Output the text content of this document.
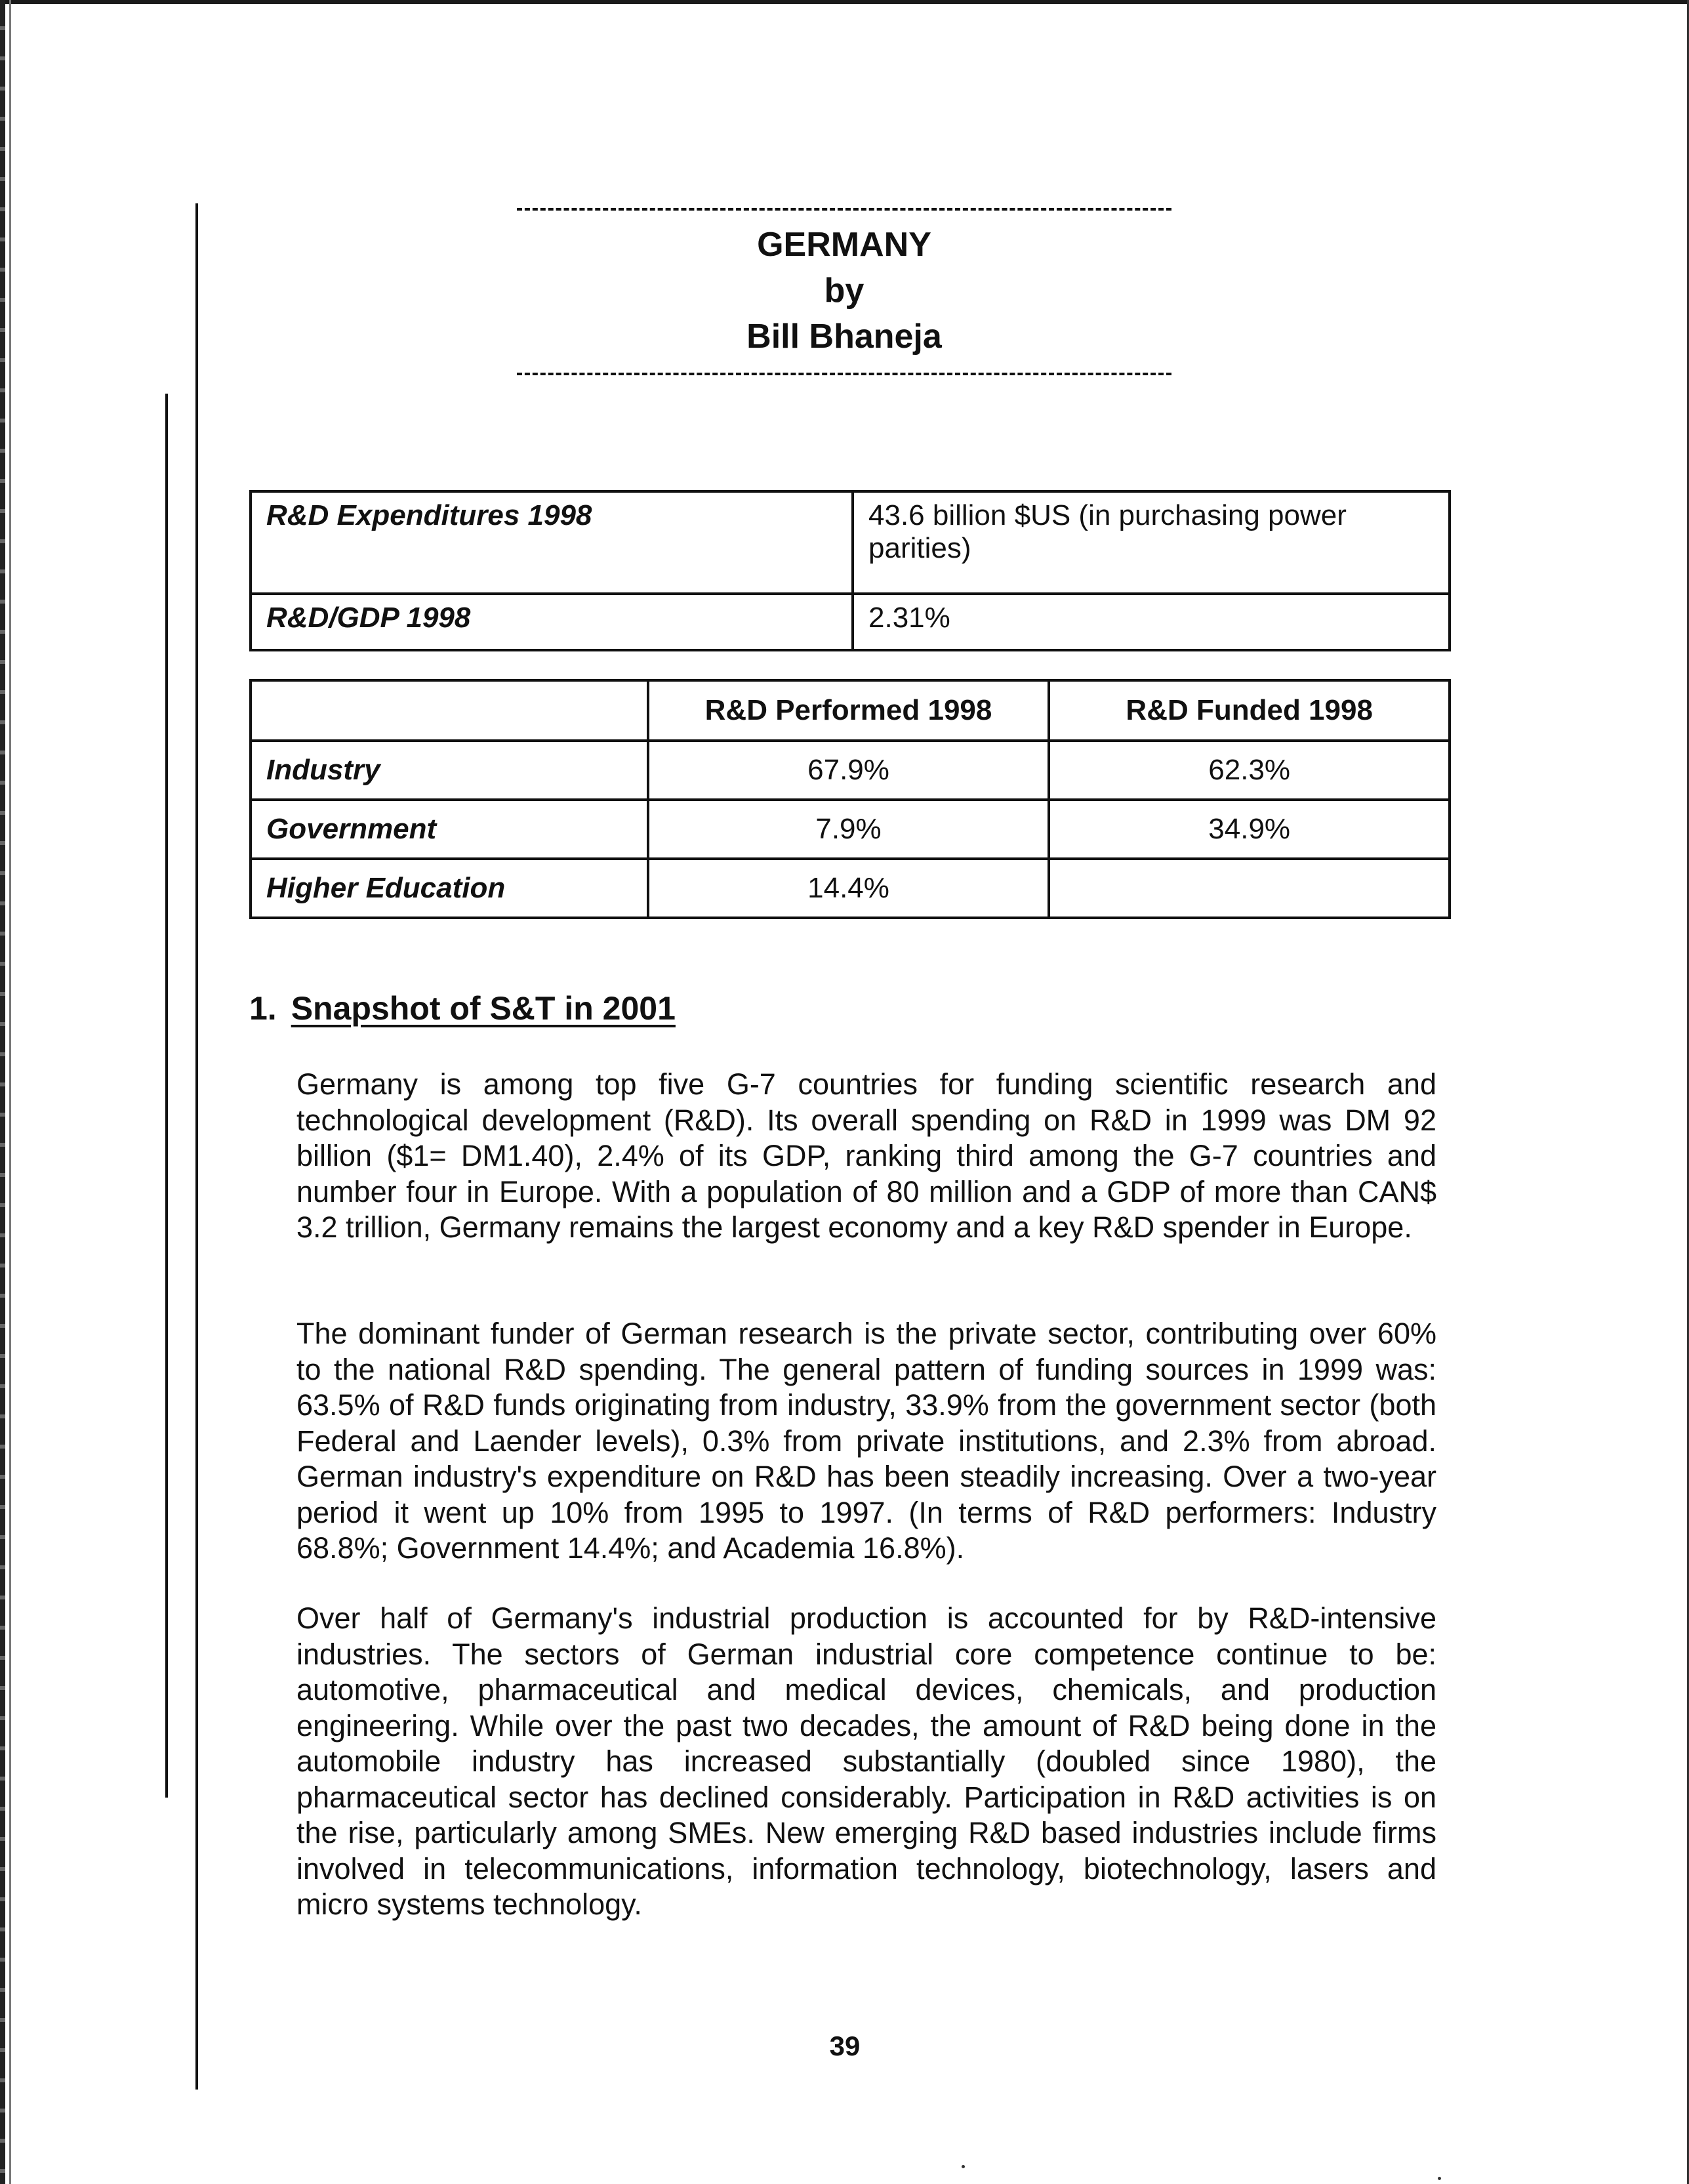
GERMANY
by
Bill Bhaneja
R&D Expenditures 1998	43.6 billion $US (in purchasing power parities)
R&D/GDP 1998	2.31%
	R&D Performed 1998	R&D Funded 1998
Industry	67.9%	62.3%
Government	7.9%	34.9%
Higher Education	14.4%	
1. Snapshot of S&T in 2001

Germany is among top five G-7 countries for funding scientific research and technological development (R&D). Its overall spending on R&D in 1999 was DM 92 billion ($1= DM1.40), 2.4% of its GDP, ranking third among the G-7 countries and number four in Europe. With a population of 80 million and a GDP of more than CAN$ 3.2 trillion, Germany remains the largest economy and a key R&D spender in Europe.

The dominant funder of German research is the private sector, contributing over 60% to the national R&D spending. The general pattern of funding sources in 1999 was: 63.5% of R&D funds originating from industry, 33.9% from the government sector (both Federal and Laender levels), 0.3% from private institutions, and 2.3% from abroad. German industry's expenditure on R&D has been steadily increasing. Over a two-year period it went up 10% from 1995 to 1997. (In terms of R&D performers: Industry 68.8%; Government 14.4%; and Academia 16.8%).

Over half of Germany's industrial production is accounted for by R&D-intensive industries. The sectors of German industrial core competence continue to be: automotive, pharmaceutical and medical devices, chemicals, and production engineering. While over the past two decades, the amount of R&D being done in the automobile industry has increased substantially (doubled since 1980), the pharmaceutical sector has declined considerably. Participation in R&D activities is on the rise, particularly among SMEs. New emerging R&D based industries include firms involved in telecommunications, information technology, biotechnology, lasers and micro systems technology.

39
